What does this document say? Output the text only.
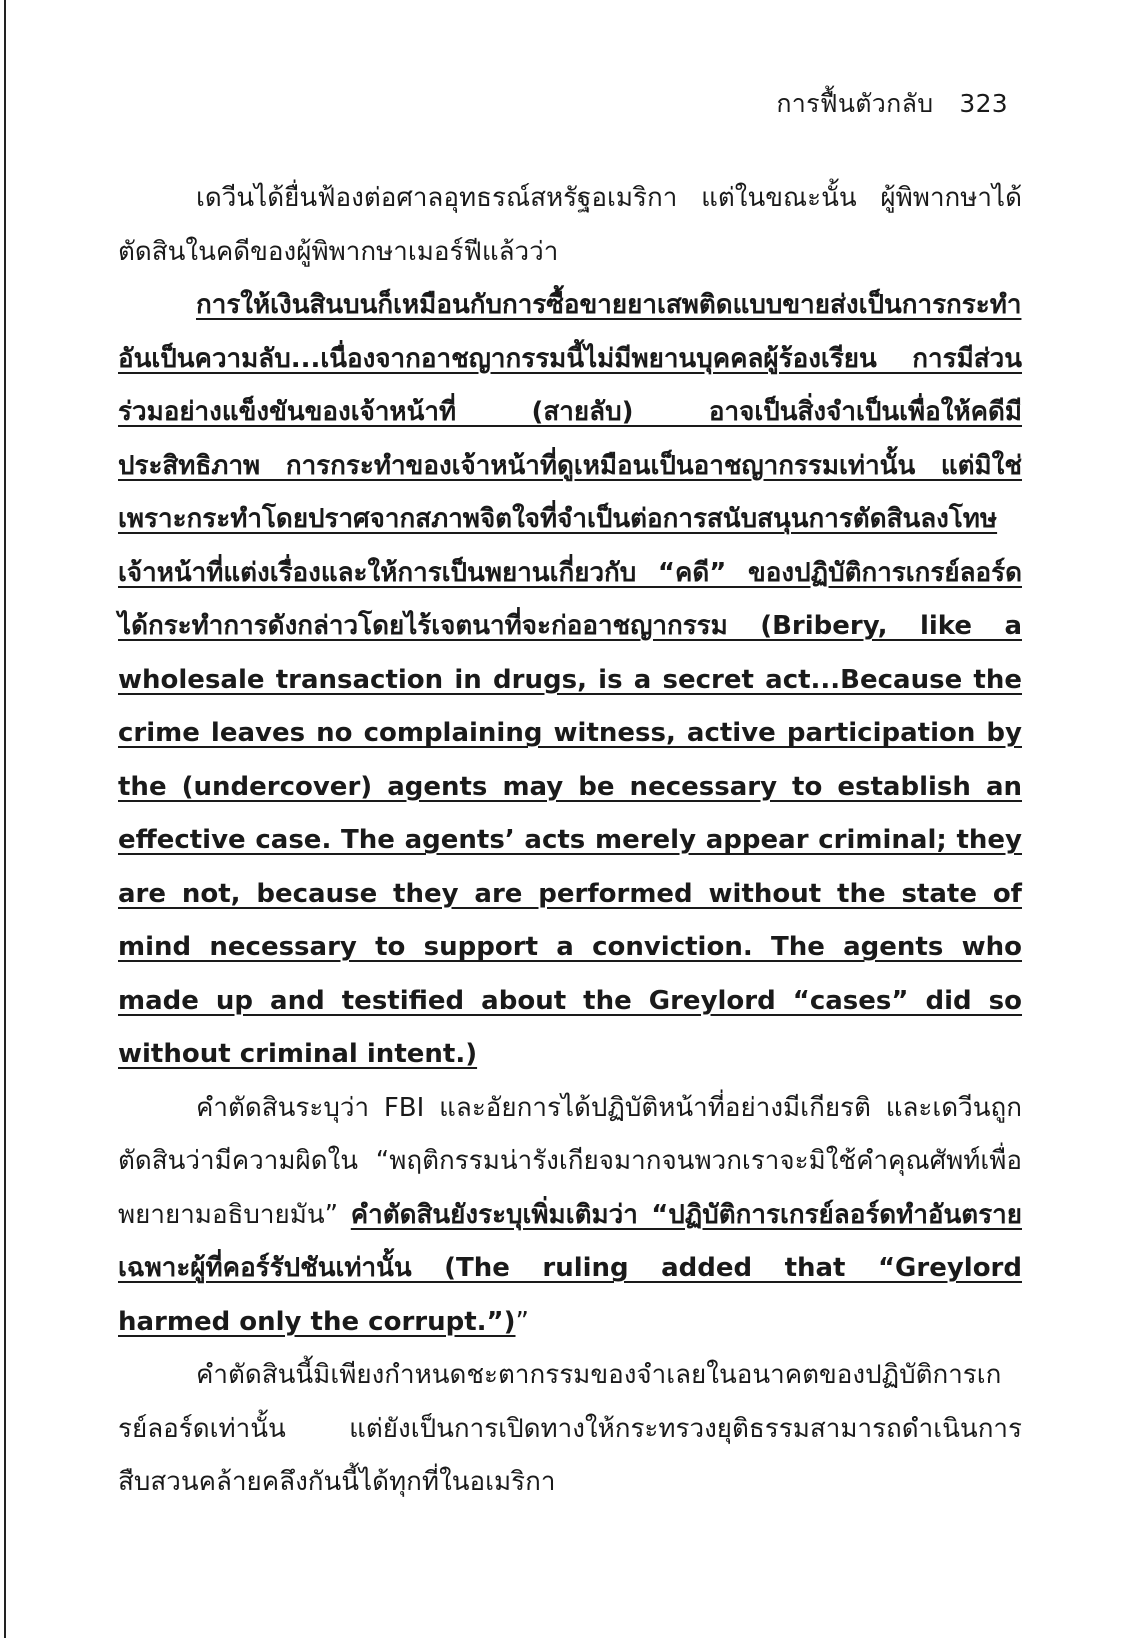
การฟื้นตัวกลับ 323

เดวีนได้ยื่นฟ้องต่อศาลอุทธรณ์สหรัฐอเมริกา แต่ในขณะนั้น ผู้พิพากษาได้ตัดสินในคดีของผู้พิพากษาเมอร์ฟีแล้วว่า

การให้เงินสินบนก็เหมือนกับการซื้อขายยาเสพติดแบบขายส่งเป็นการกระทำอันเป็นความลับ...เนื่องจากอาชญากรรมนี้ไม่มีพยานบุคคลผู้ร้องเรียน การมีส่วนร่วมอย่างแข็งขันของเจ้าหน้าที่ (สายลับ) อาจเป็นสิ่งจำเป็นเพื่อให้คดีมีประสิทธิภาพ การกระทำของเจ้าหน้าที่ดูเหมือนเป็นอาชญากรรมเท่านั้น แต่มิใช่เพราะกระทำโดยปราศจากสภาพจิตใจที่จำเป็นต่อการสนับสนุนการตัดสินลงโทษ เจ้าหน้าที่แต่งเรื่องและให้การเป็นพยานเกี่ยวกับ “คดี” ของปฏิบัติการเกรย์ลอร์ดได้กระทำการดังกล่าวโดยไร้เจตนาที่จะก่ออาชญากรรม (Bribery, like a wholesale transaction in drugs, is a secret act...Because the crime leaves no complaining witness, active participation by the (undercover) agents may be necessary to establish an effective case. The agents’ acts merely appear criminal; they are not, because they are performed without the state of mind necessary to support a conviction. The agents who made up and testified about the Greylord “cases” did so without criminal intent.)

คำตัดสินระบุว่า FBI และอัยการได้ปฏิบัติหน้าที่อย่างมีเกียรติ และเดวีนถูกตัดสินว่ามีความผิดใน “พฤติกรรมน่ารังเกียจมากจนพวกเราจะมิใช้คำคุณศัพท์เพื่อพยายามอธิบายมัน” คำตัดสินยังระบุเพิ่มเติมว่า “ปฏิบัติการเกรย์ลอร์ดทำอันตรายเฉพาะผู้ที่คอร์รัปชันเท่านั้น (The ruling added that “Greylord harmed only the corrupt.”)”

คำตัดสินนี้มิเพียงกำหนดชะตากรรมของจำเลยในอนาคตของปฏิบัติการเกรย์ลอร์ดเท่านั้น แต่ยังเป็นการเปิดทางให้กระทรวงยุติธรรมสามารถดำเนินการสืบสวนคล้ายคลึงกันนี้ได้ทุกที่ในอเมริกา
